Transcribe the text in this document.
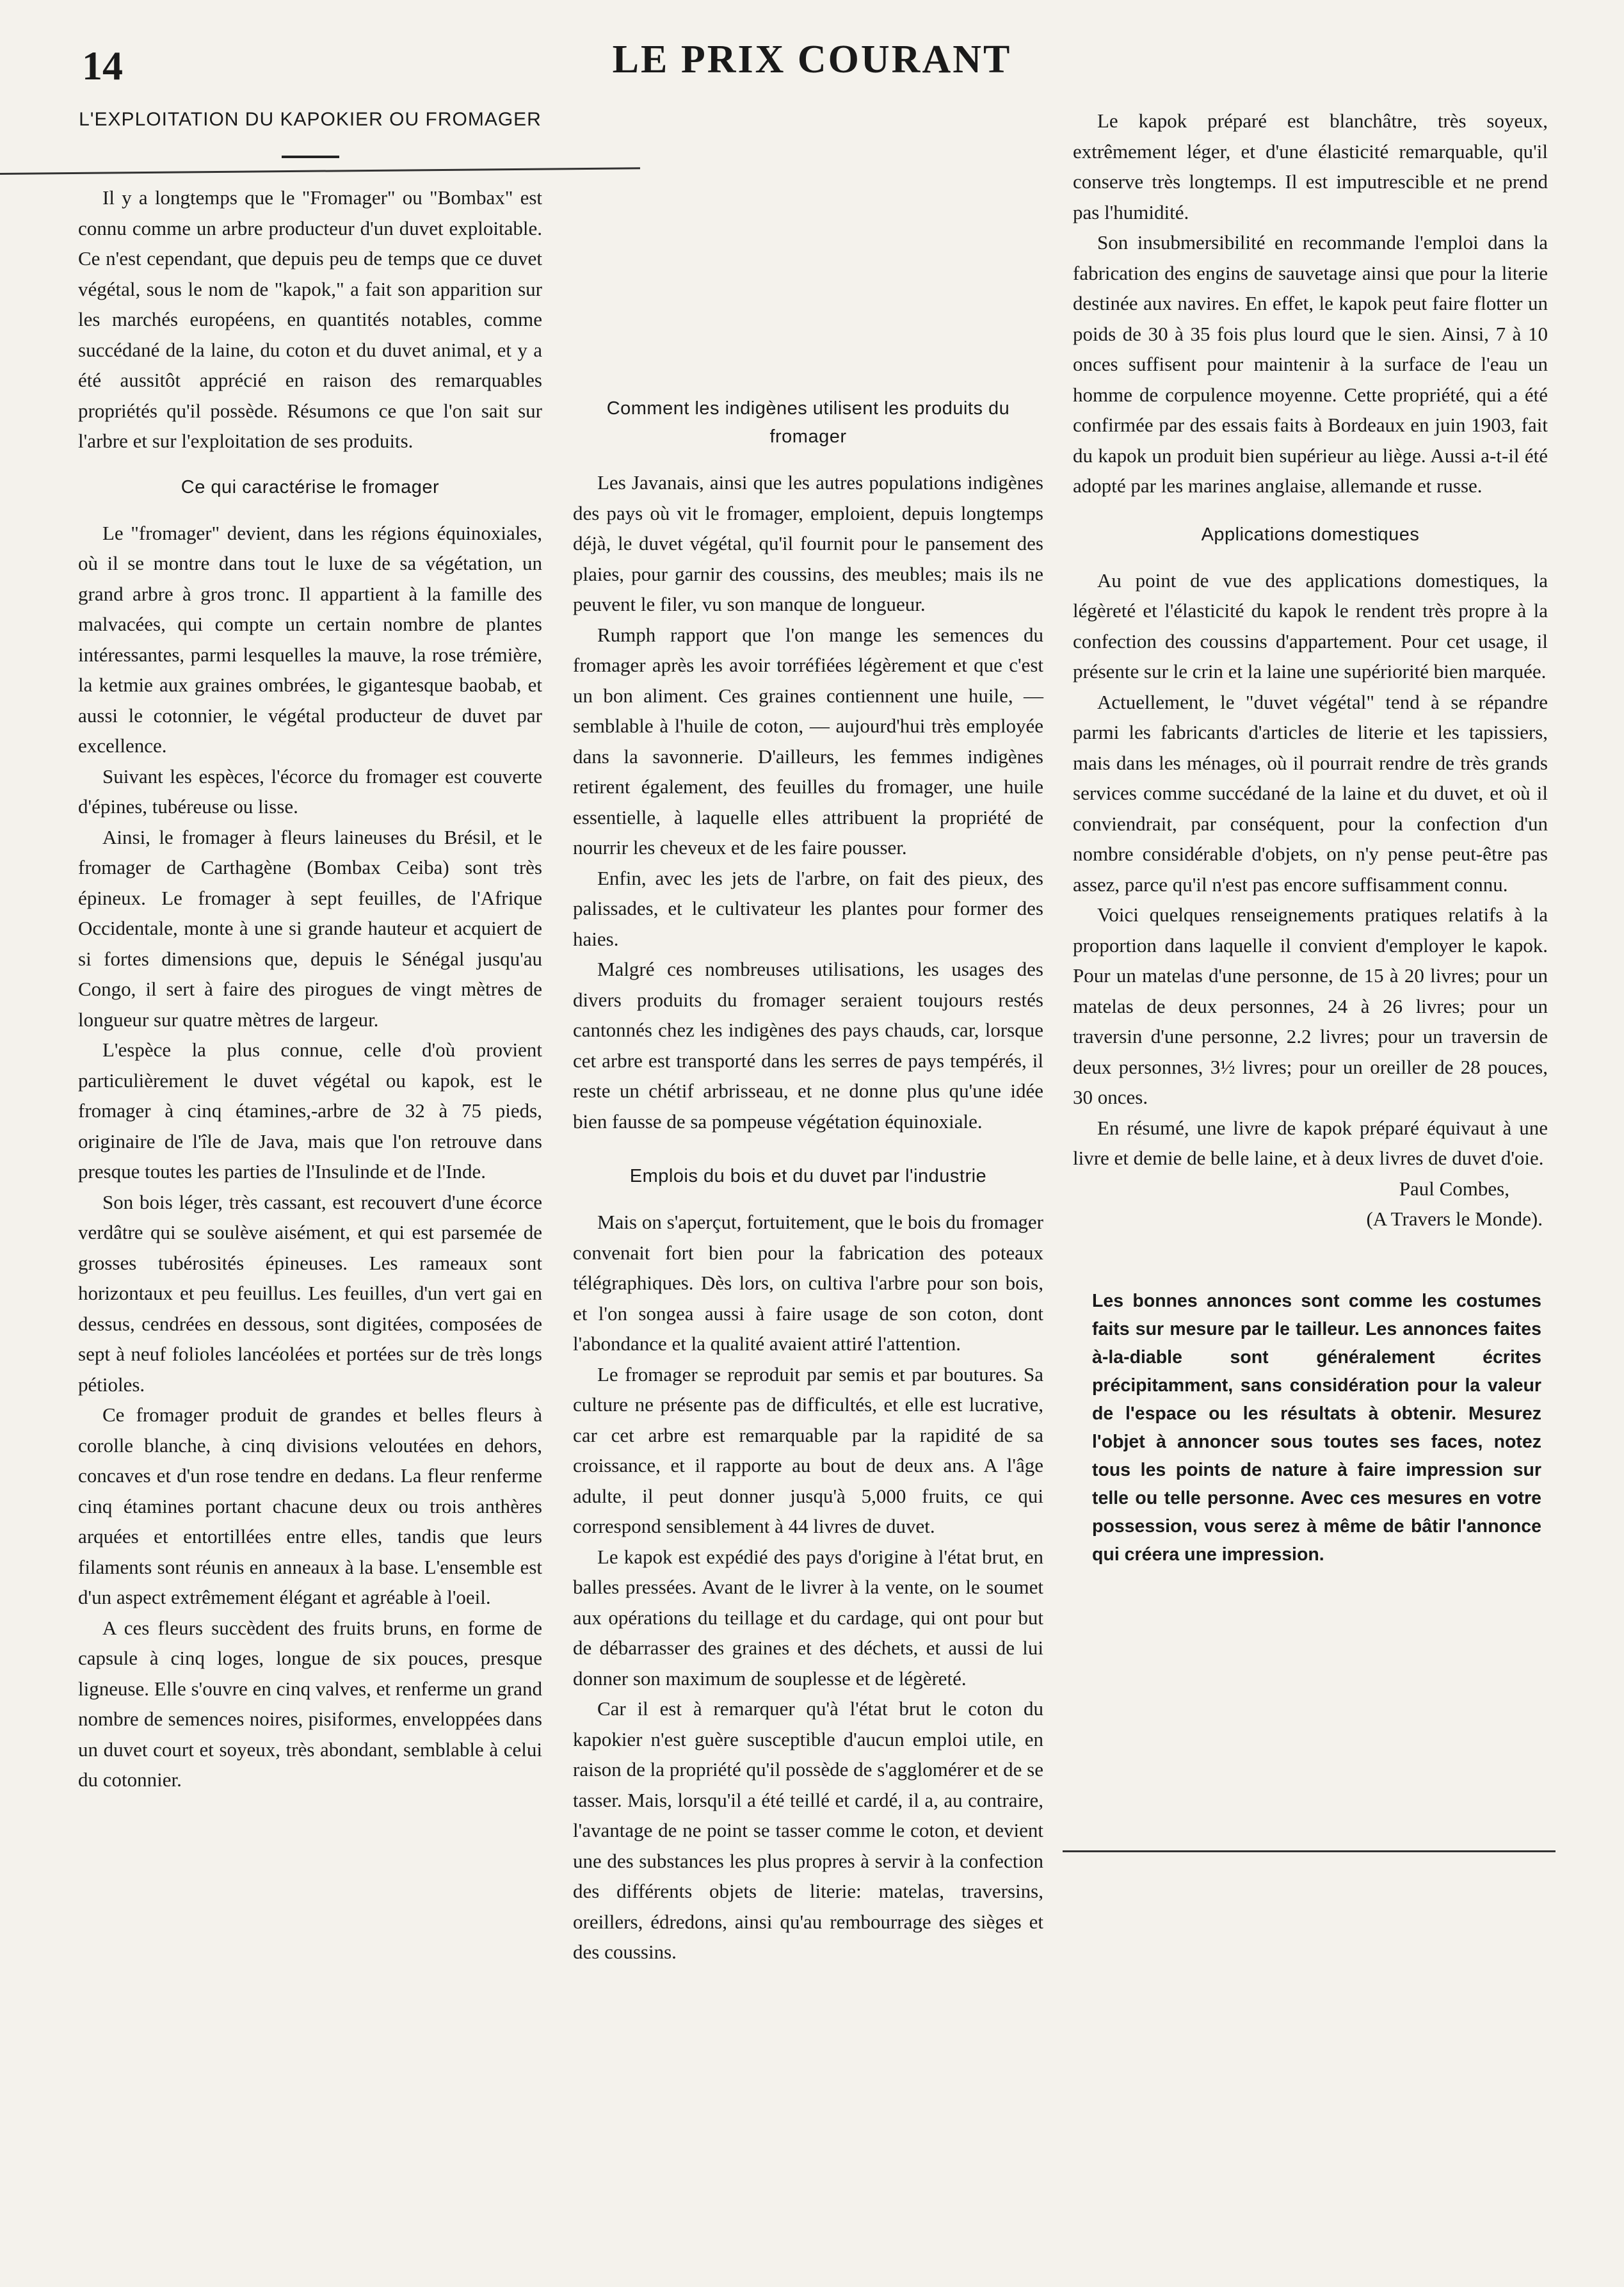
14	LE PRIX COURANT
L'EXPLOITATION DU KAPOKIER OU FROMAGER

Il y a longtemps que le "Fromager" ou "Bombax" est connu comme un arbre producteur d'un duvet exploitable. Ce n'est cependant, que depuis peu de temps que ce duvet végétal, sous le nom de "kapok," a fait son apparition sur les marchés européens, en quantités notables, comme succédané de la laine, du coton et du duvet animal, et y a été aussitôt apprécié en raison des remarquables propriétés qu'il possède. Résumons ce que l'on sait sur l'arbre et sur l'exploitation de ses produits.

Ce qui caractérise le fromager

Le "fromager" devient, dans les régions équinoxiales, où il se montre dans tout le luxe de sa végétation, un grand arbre à gros tronc. Il appartient à la famille des malvacées, qui compte un certain nombre de plantes intéressantes, parmi lesquelles la mauve, la rose trémière, la ketmie aux graines ombrées, le gigantesque baobab, et aussi le cotonnier, le végétal producteur de duvet par excellence.

Suivant les espèces, l'écorce du fromager est couverte d'épines, tubéreuse ou lisse.

Ainsi, le fromager à fleurs laineuses du Brésil, et le fromager de Carthagène (Bombax Ceiba) sont très épineux. Le fromager à sept feuilles, de l'Afrique Occidentale, monte à une si grande hauteur et acquiert de si fortes dimensions que, depuis le Sénégal jusqu'au Congo, il sert à faire des pirogues de vingt mètres de longueur sur quatre mètres de largeur.

L'espèce la plus connue, celle d'où provient particulièrement le duvet végétal ou kapok, est le fromager à cinq étamines,-arbre de 32 à 75 pieds, originaire de l'île de Java, mais que l'on retrouve dans presque toutes les parties de l'Insulinde et de l'Inde.

Son bois léger, très cassant, est recouvert d'une écorce verdâtre qui se soulève aisément, et qui est parsemée de grosses tubérosités épineuses. Les rameaux sont horizontaux et peu feuillus. Les feuilles, d'un vert gai en dessus, cendrées en dessous, sont digitées, composées de sept à neuf folioles lancéolées et portées sur de très longs pétioles.

Ce fromager produit de grandes et belles fleurs à corolle blanche, à cinq divisions veloutées en dehors, concaves et d'un rose tendre en dedans. La fleur renferme cinq étamines portant chacune deux ou trois anthères arquées et entortillées entre elles, tandis que leurs filaments sont réunis en anneaux à la base. L'ensemble est d'un aspect extrêmement élégant et agréable à l'oeil.

A ces fleurs succèdent des fruits bruns, en forme de capsule à cinq loges, longue de six pouces, presque ligneuse. Elle s'ouvre en cinq valves, et renferme un grand nombre de semences noires, pisiformes, enveloppées dans un duvet court et soyeux, très abondant, semblable à celui du cotonnier.

Comment les indigènes utilisent les produits du fromager

Les Javanais, ainsi que les autres populations indigènes des pays où vit le fromager, emploient, depuis longtemps déjà, le duvet végétal, qu'il fournit pour le pansement des plaies, pour garnir des coussins, des meubles; mais ils ne peuvent le filer, vu son manque de longueur.

Rumph rapport que l'on mange les semences du fromager après les avoir torréfiées légèrement et que c'est un bon aliment. Ces graines contiennent une huile, — semblable à l'huile de coton, — aujourd'hui très employée dans la savonnerie. D'ailleurs, les femmes indigènes retirent également, des feuilles du fromager, une huile essentielle, à laquelle elles attribuent la propriété de nourrir les cheveux et de les faire pousser.

Enfin, avec les jets de l'arbre, on fait des pieux, des palissades, et le cultivateur les plantes pour former des haies.

Malgré ces nombreuses utilisations, les usages des divers produits du fromager seraient toujours restés cantonnés chez les indigènes des pays chauds, car, lorsque cet arbre est transporté dans les serres de pays tempérés, il reste un chétif arbrisseau, et ne donne plus qu'une idée bien fausse de sa pompeuse végétation équinoxiale.

Emplois du bois et du duvet par l'industrie

Mais on s'aperçut, fortuitement, que le bois du fromager convenait fort bien pour la fabrication des poteaux télégraphiques. Dès lors, on cultiva l'arbre pour son bois, et l'on songea aussi à faire usage de son coton, dont l'abondance et la qualité avaient attiré l'attention.

Le fromager se reproduit par semis et par boutures. Sa culture ne présente pas de difficultés, et elle est lucrative, car cet arbre est remarquable par la rapidité de sa croissance, et il rapporte au bout de deux ans. A l'âge adulte, il peut donner jusqu'à 5,000 fruits, ce qui correspond sensiblement à 44 livres de duvet.

Le kapok est expédié des pays d'origine à l'état brut, en balles pressées. Avant de le livrer à la vente, on le soumet aux opérations du teillage et du cardage, qui ont pour but de débarrasser des graines et des déchets, et aussi de lui donner son maximum de souplesse et de légèreté.

Car il est à remarquer qu'à l'état brut le coton du kapokier n'est guère susceptible d'aucun emploi utile, en raison de la propriété qu'il possède de s'agglomérer et de se tasser. Mais, lorsqu'il a été teillé et cardé, il a, au contraire, l'avantage de ne point se tasser comme le coton, et devient une des substances les plus propres à servir à la confection des différents objets de literie: matelas, traversins, oreillers, édredons, ainsi qu'au rembourrage des sièges et des coussins.

Le kapok préparé est blanchâtre, très soyeux, extrêmement léger, et d'une élasticité remarquable, qu'il conserve très longtemps. Il est imputrescible et ne prend pas l'humidité.

Son insubmersibilité en recommande l'emploi dans la fabrication des engins de sauvetage ainsi que pour la literie destinée aux navires. En effet, le kapok peut faire flotter un poids de 30 à 35 fois plus lourd que le sien. Ainsi, 7 à 10 onces suffisent pour maintenir à la surface de l'eau un homme de corpulence moyenne. Cette propriété, qui a été confirmée par des essais faits à Bordeaux en juin 1903, fait du kapok un produit bien supérieur au liège. Aussi a-t-il été adopté par les marines anglaise, allemande et russe.

Applications domestiques

Au point de vue des applications domestiques, la légèreté et l'élasticité du kapok le rendent très propre à la confection des coussins d'appartement. Pour cet usage, il présente sur le crin et la laine une supériorité bien marquée.

Actuellement, le "duvet végétal" tend à se répandre parmi les fabricants d'articles de literie et les tapissiers, mais dans les ménages, où il pourrait rendre de très grands services comme succédané de la laine et du duvet, et où il conviendrait, par conséquent, pour la confection d'un nombre considérable d'objets, on n'y pense peut-être pas assez, parce qu'il n'est pas encore suffisamment connu.

Voici quelques renseignements pratiques relatifs à la proportion dans laquelle il convient d'employer le kapok. Pour un matelas d'une personne, de 15 à 20 livres; pour un matelas de deux personnes, 24 à 26 livres; pour un traversin d'une personne, 2.2 livres; pour un traversin de deux personnes, 3½ livres; pour un oreiller de 28 pouces, 30 onces.

En résumé, une livre de kapok préparé équivaut à une livre et demie de belle laine, et à deux livres de duvet d'oie.

Paul Combes,

(A Travers le Monde).

Les bonnes annonces sont comme les costumes faits sur mesure par le tailleur. Les annonces faites à-la-diable sont généralement écrites précipitamment, sans considération pour la valeur de l'espace ou les résultats à obtenir. Mesurez l'objet à annoncer sous toutes ses faces, notez tous les points de nature à faire impression sur telle ou telle personne. Avec ces mesures en votre possession, vous serez à même de bâtir l'annonce qui créera une impression.
